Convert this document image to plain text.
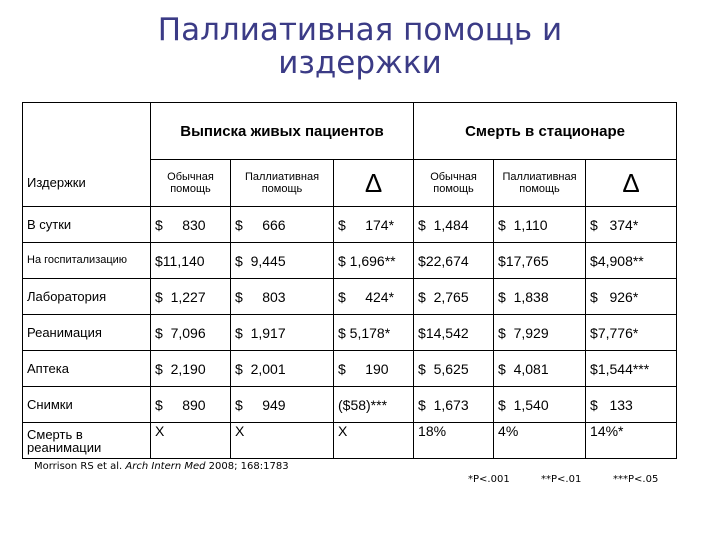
Паллиативная помощь и издержки
	Выписка живых пациентов			Смерть в стационаре		
Издержки	Обычная помощь	Паллиативная помощь	Δ	Обычная помощь	Паллиативная помощь	Δ
В сутки	$     830	$     666	$     174*	$  1,484	$  1,110	$   374*
На госпитализацию	$11,140	$  9,445	$ 1,696**	$22,674	$17,765	$4,908**
Лаборатория	$  1,227	$     803	$     424*	$  2,765	$  1,838	$   926*
Реанимация	$  7,096	$  1,917	$ 5,178*	$14,542	$  7,929	$7,776*
Аптека	$  2,190	$  2,001	$     190	$  5,625	$  4,081	$1,544***
Снимки	$     890	$     949	($58)***	$  1,673	$  1,540	$   133
Смерть в реанимации	X	X	X	18%	4%	14%*
Morrison RS et al. Arch Intern Med 2008; 168:1783
*P<.001	**P<.01	***P<.05
